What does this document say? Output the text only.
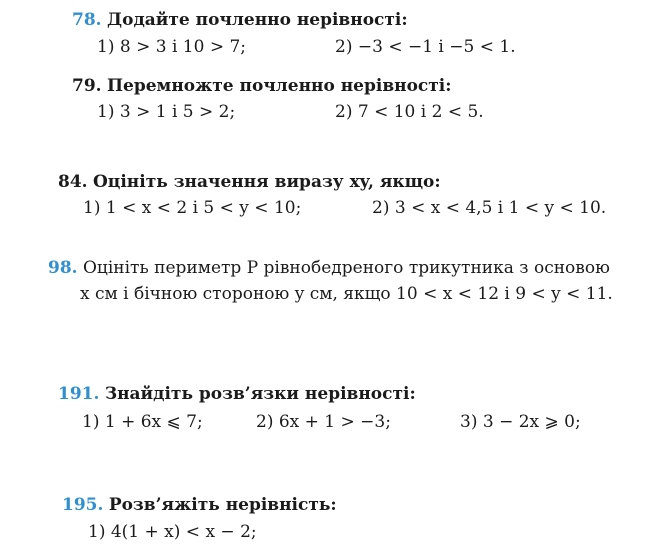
78. Додайте почленно нерівності:
1) 8 > 3 і 10 > 7;	2) −3 < −1 і −5 < 1.
79. Перемножте почленно нерівності:
1) 3 > 1 і 5 > 2;	2) 7 < 10 і 2 < 5.
84. Оцініть значення виразу xy, якщо:
1) 1 < x < 2 і 5 < y < 10;	2) 3 < x < 4,5 і 1 < y < 10.
98. Оцініть периметр P рівнобедреного трикутника з основою
x см і бічною стороною y см, якщо 10 < x < 12 і 9 < y < 11.
191. Знайдіть розв’язки нерівності:
1) 1 + 6x ⩽ 7;	2) 6x + 1 > −3;	3) 3 − 2x ⩾ 0;
195. Розв’яжіть нерівність:
1) 4(1 + x) < x − 2;
